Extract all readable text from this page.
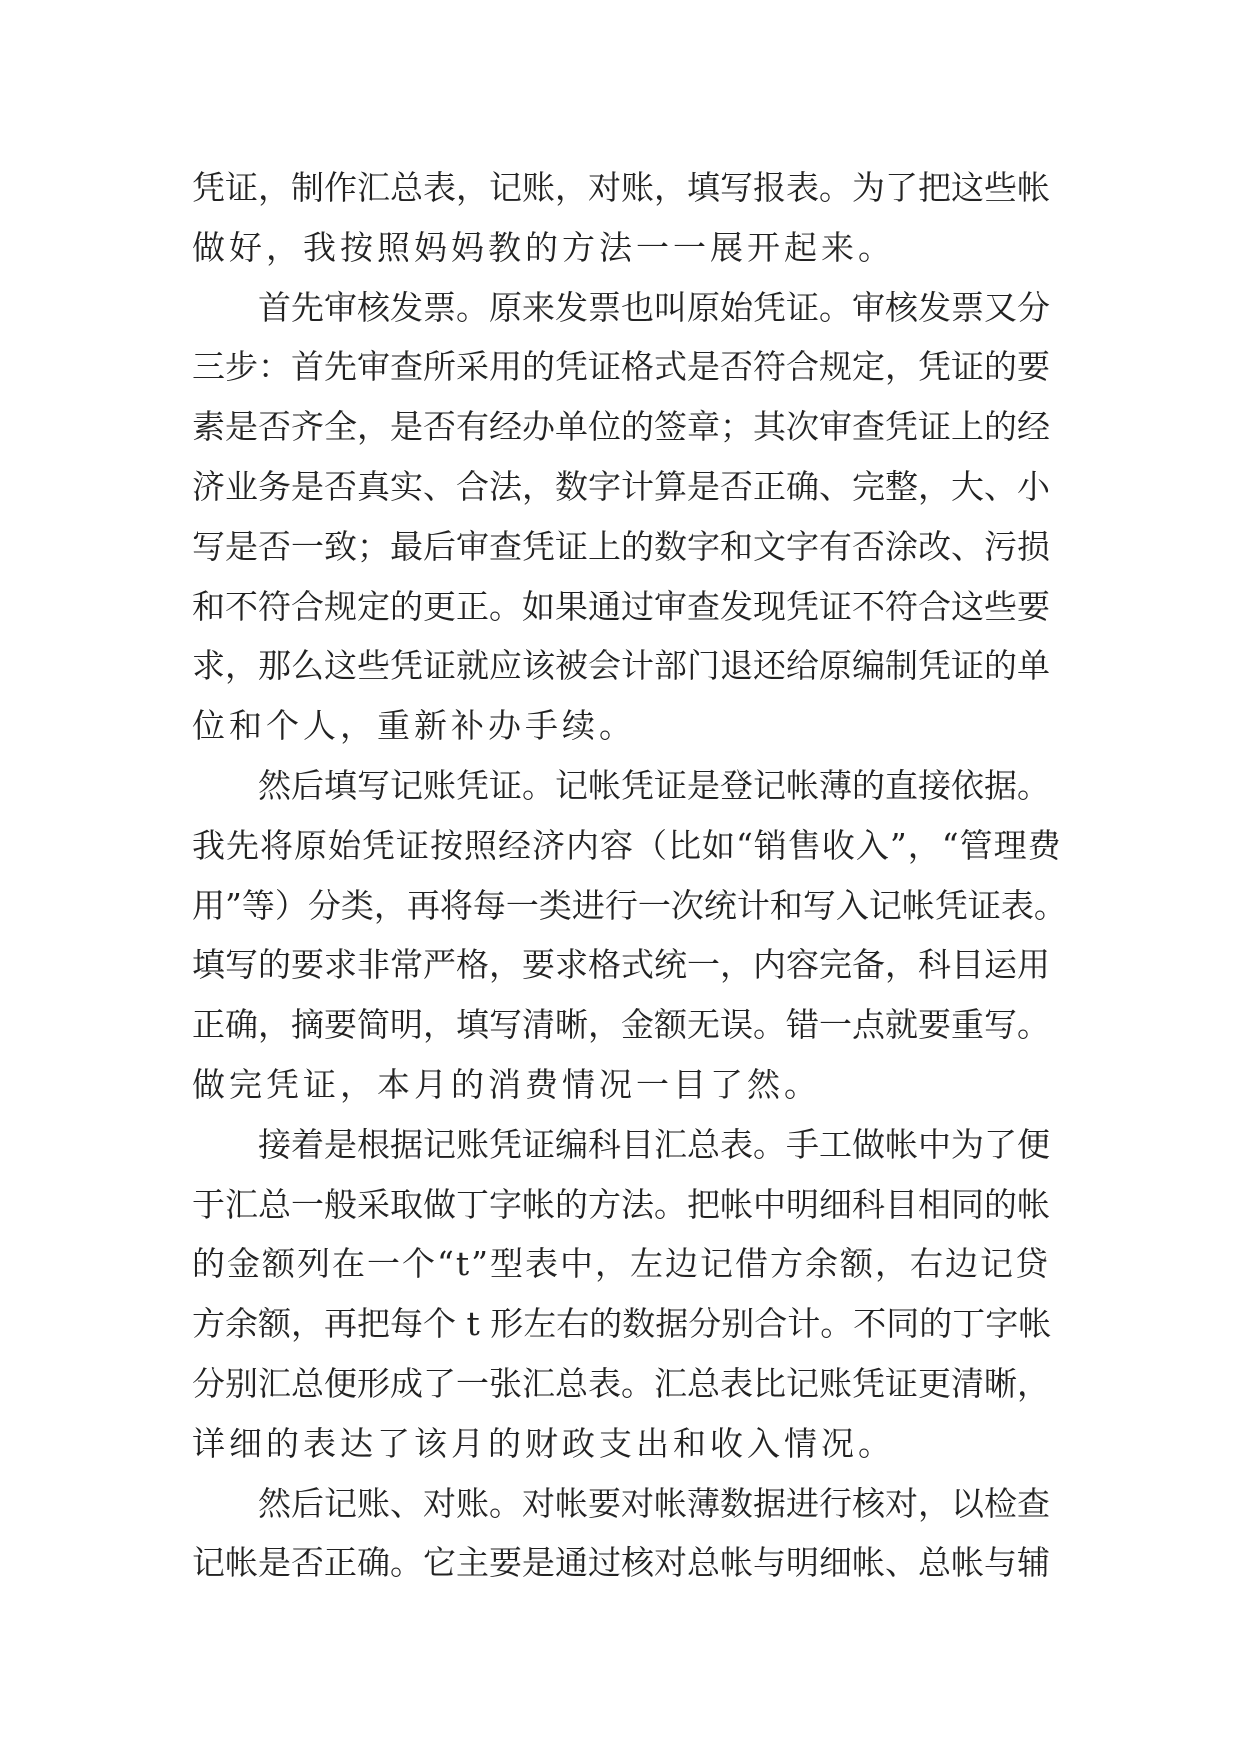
凭证，制作汇总表，记账，对账，填写报表。为了把这些帐
做好，我按照妈妈教的方法一一展开起来。
首先审核发票。原来发票也叫原始凭证。审核发票又分
三步：首先审查所采用的凭证格式是否符合规定，凭证的要
素是否齐全，是否有经办单位的签章；其次审查凭证上的经
济业务是否真实、合法，数字计算是否正确、完整，大、小
写是否一致；最后审查凭证上的数字和文字有否涂改、污损
和不符合规定的更正。如果通过审查发现凭证不符合这些要
求，那么这些凭证就应该被会计部门退还给原编制凭证的单
位和个人，重新补办手续。
然后填写记账凭证。记帐凭证是登记帐薄的直接依据。
我先将原始凭证按照经济内容（比如“销售收入”，“管理费
用”等）分类，再将每一类进行一次统计和写入记帐凭证表。
填写的要求非常严格，要求格式统一，内容完备，科目运用
正确，摘要简明，填写清晰，金额无误。错一点就要重写。
做完凭证，本月的消费情况一目了然。
接着是根据记账凭证编科目汇总表。手工做帐中为了便
于汇总一般采取做丁字帐的方法。把帐中明细科目相同的帐
的金额列在一个“t”型表中，左边记借方余额，右边记贷
方余额，再把每个 t 形左右的数据分别合计。不同的丁字帐
分别汇总便形成了一张汇总表。汇总表比记账凭证更清晰，
详细的表达了该月的财政支出和收入情况。
然后记账、对账。对帐要对帐薄数据进行核对，以检查
记帐是否正确。它主要是通过核对总帐与明细帐、总帐与辅
